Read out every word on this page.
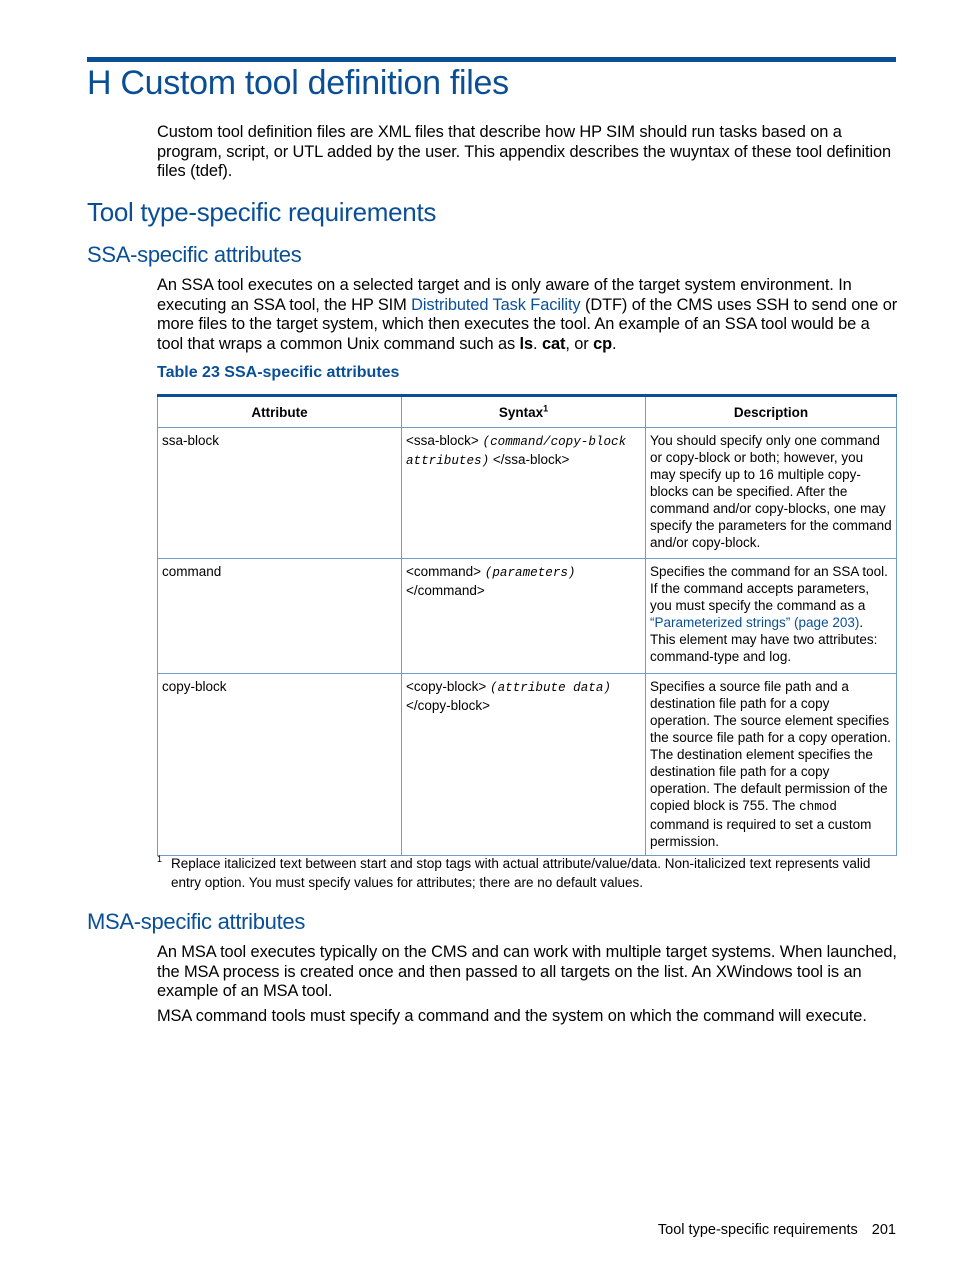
H Custom tool definition files

Custom tool definition files are XML files that describe how HP SIM should run tasks based on a program, script, or UTL added by the user. This appendix describes the wuyntax of these tool definition files (tdef).

Tool type-specific requirements
SSA-specific attributes

An SSA tool executes on a selected target and is only aware of the target system environment. In executing an SSA tool, the HP SIM Distributed Task Facility (DTF) of the CMS uses SSH to send one or more files to the target system, which then executes the tool. An example of an SSA tool would be a tool that wraps a common Unix command such as ls. cat, or cp.

Table 23 SSA-specific attributes
Attribute	Syntax$^1$	Description
ssa-block	<ssa-block> (command/copy-block attributes) </ssa-block>	You should specify only one command or copy-block or both; however, you may specify up to 16 multiple copy-blocks can be specified. After the command and/or copy-blocks, one may specify the parameters for the command and/or copy-block.
command	<command> (parameters) </command>	Specifies the command for an SSA tool. If the command accepts parameters, you must specify the command as a “Parameterized strings” (page 203). This element may have two attributes: command-type and log.
copy-block	<copy-block> (attribute data) </copy-block>	Specifies a source file path and a destination file path for a copy operation. The source element specifies the source file path for a copy operation. The destination element specifies the destination file path for a copy operation. The default permission of the copied block is 755. The chmod command is required to set a custom permission.
1 Replace italicized text between start and stop tags with actual attribute/value/data. Non-italicized text represents valid entry option. You must specify values for attributes; there are no default values.
MSA-specific attributes

An MSA tool executes typically on the CMS and can work with multiple target systems. When launched, the MSA process is created once and then passed to all targets on the list. An XWindows tool is an example of an MSA tool.

MSA command tools must specify a command and the system on which the command will execute.

Tool type-specific requirements 201
